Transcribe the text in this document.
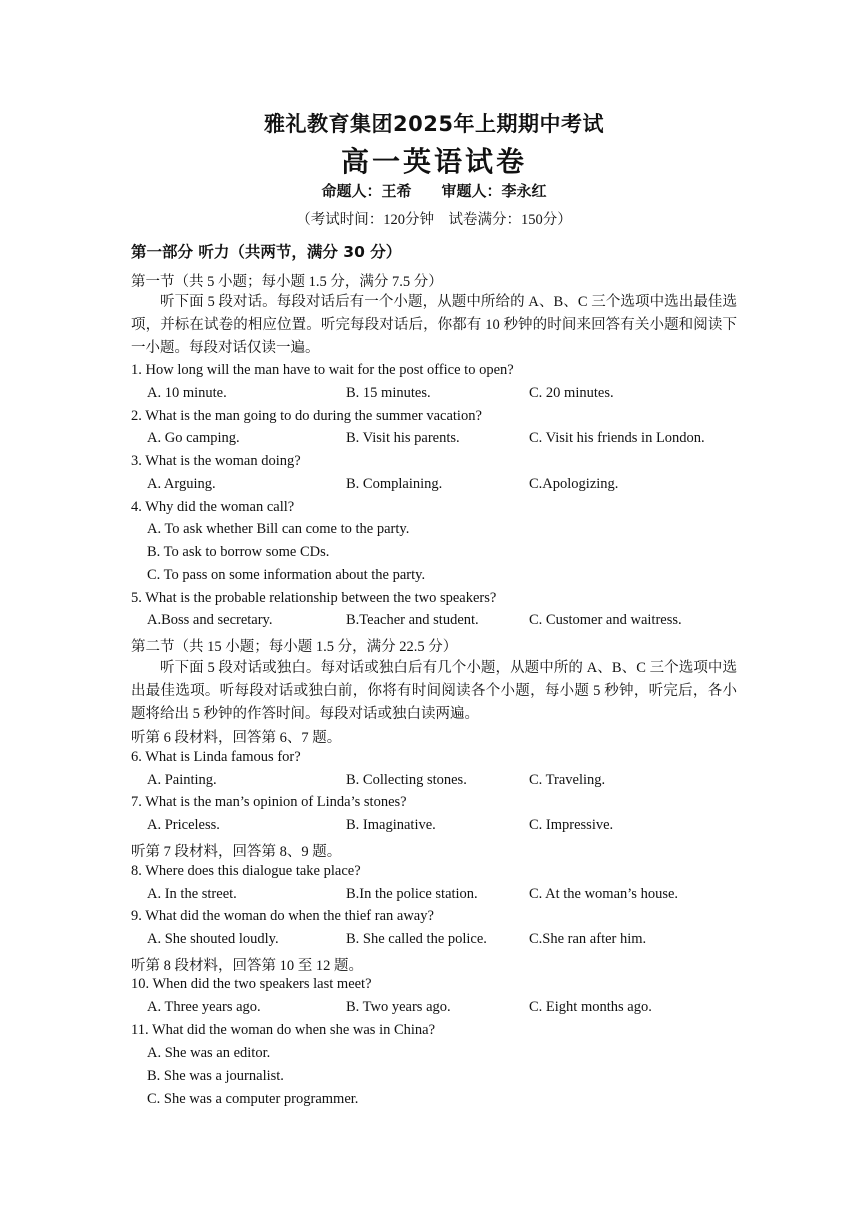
雅礼教育集团2025年上期期中考试
高一英语试卷
命题人：王希　　审题人：李永红
（考试时间：120分钟　试卷满分：150分）
第一部分 听力（共两节，满分 30 分）
第一节（共 5 小题；每小题 1.5 分，满分 7.5 分）
听下面 5 段对话。每段对话后有一个小题，从题中所给的 A、B、C 三个选项中选出最佳选项，并标在试卷的相应位置。听完每段对话后，你都有 10 秒钟的时间来回答有关小题和阅读下一小题。每段对话仅读一遍。
1. How long will the man have to wait for the post office to open?
A. 10 minute.	B. 15 minutes.	C. 20 minutes.
2. What is the man going to do during the summer vacation?
A. Go camping.	B. Visit his parents.	C. Visit his friends in London.
3. What is the woman doing?
A. Arguing.	B. Complaining.	C.Apologizing.
4. Why did the woman call?
A. To ask whether Bill can come to the party.
B. To ask to borrow some CDs.
C. To pass on some information about the party.
5. What is the probable relationship between the two speakers?
A.Boss and secretary.	B.Teacher and student.	C. Customer and waitress.
第二节（共 15 小题；每小题 1.5 分，满分 22.5 分）
听下面 5 段对话或独白。每对话或独白后有几个小题，从题中所的 A、B、C 三个选项中选出最佳选项。听每段对话或独白前，你将有时间阅读各个小题，每小题 5 秒钟，听完后，各小题将给出 5 秒钟的作答时间。每段对话或独白读两遍。
听第 6 段材料，回答第 6、7 题。
6. What is Linda famous for?
A. Painting.	B. Collecting stones.	C. Traveling.
7. What is the man’s opinion of Linda’s stones?
A. Priceless.	B. Imaginative.	C. Impressive.
听第 7 段材料，回答第 8、9 题。
8. Where does this dialogue take place?
A. In the street.	B.In the police station.	C. At the woman’s house.
9. What did the woman do when the thief ran away?
A. She shouted loudly.	B. She called the police.	C.She ran after him.
听第 8 段材料，回答第 10 至 12 题。
10. When did the two speakers last meet?
A. Three years ago.	B. Two years ago.	C. Eight months ago.
11. What did the woman do when she was in China?
A. She was an editor.
B. She was a journalist.
C. She was a computer programmer.
